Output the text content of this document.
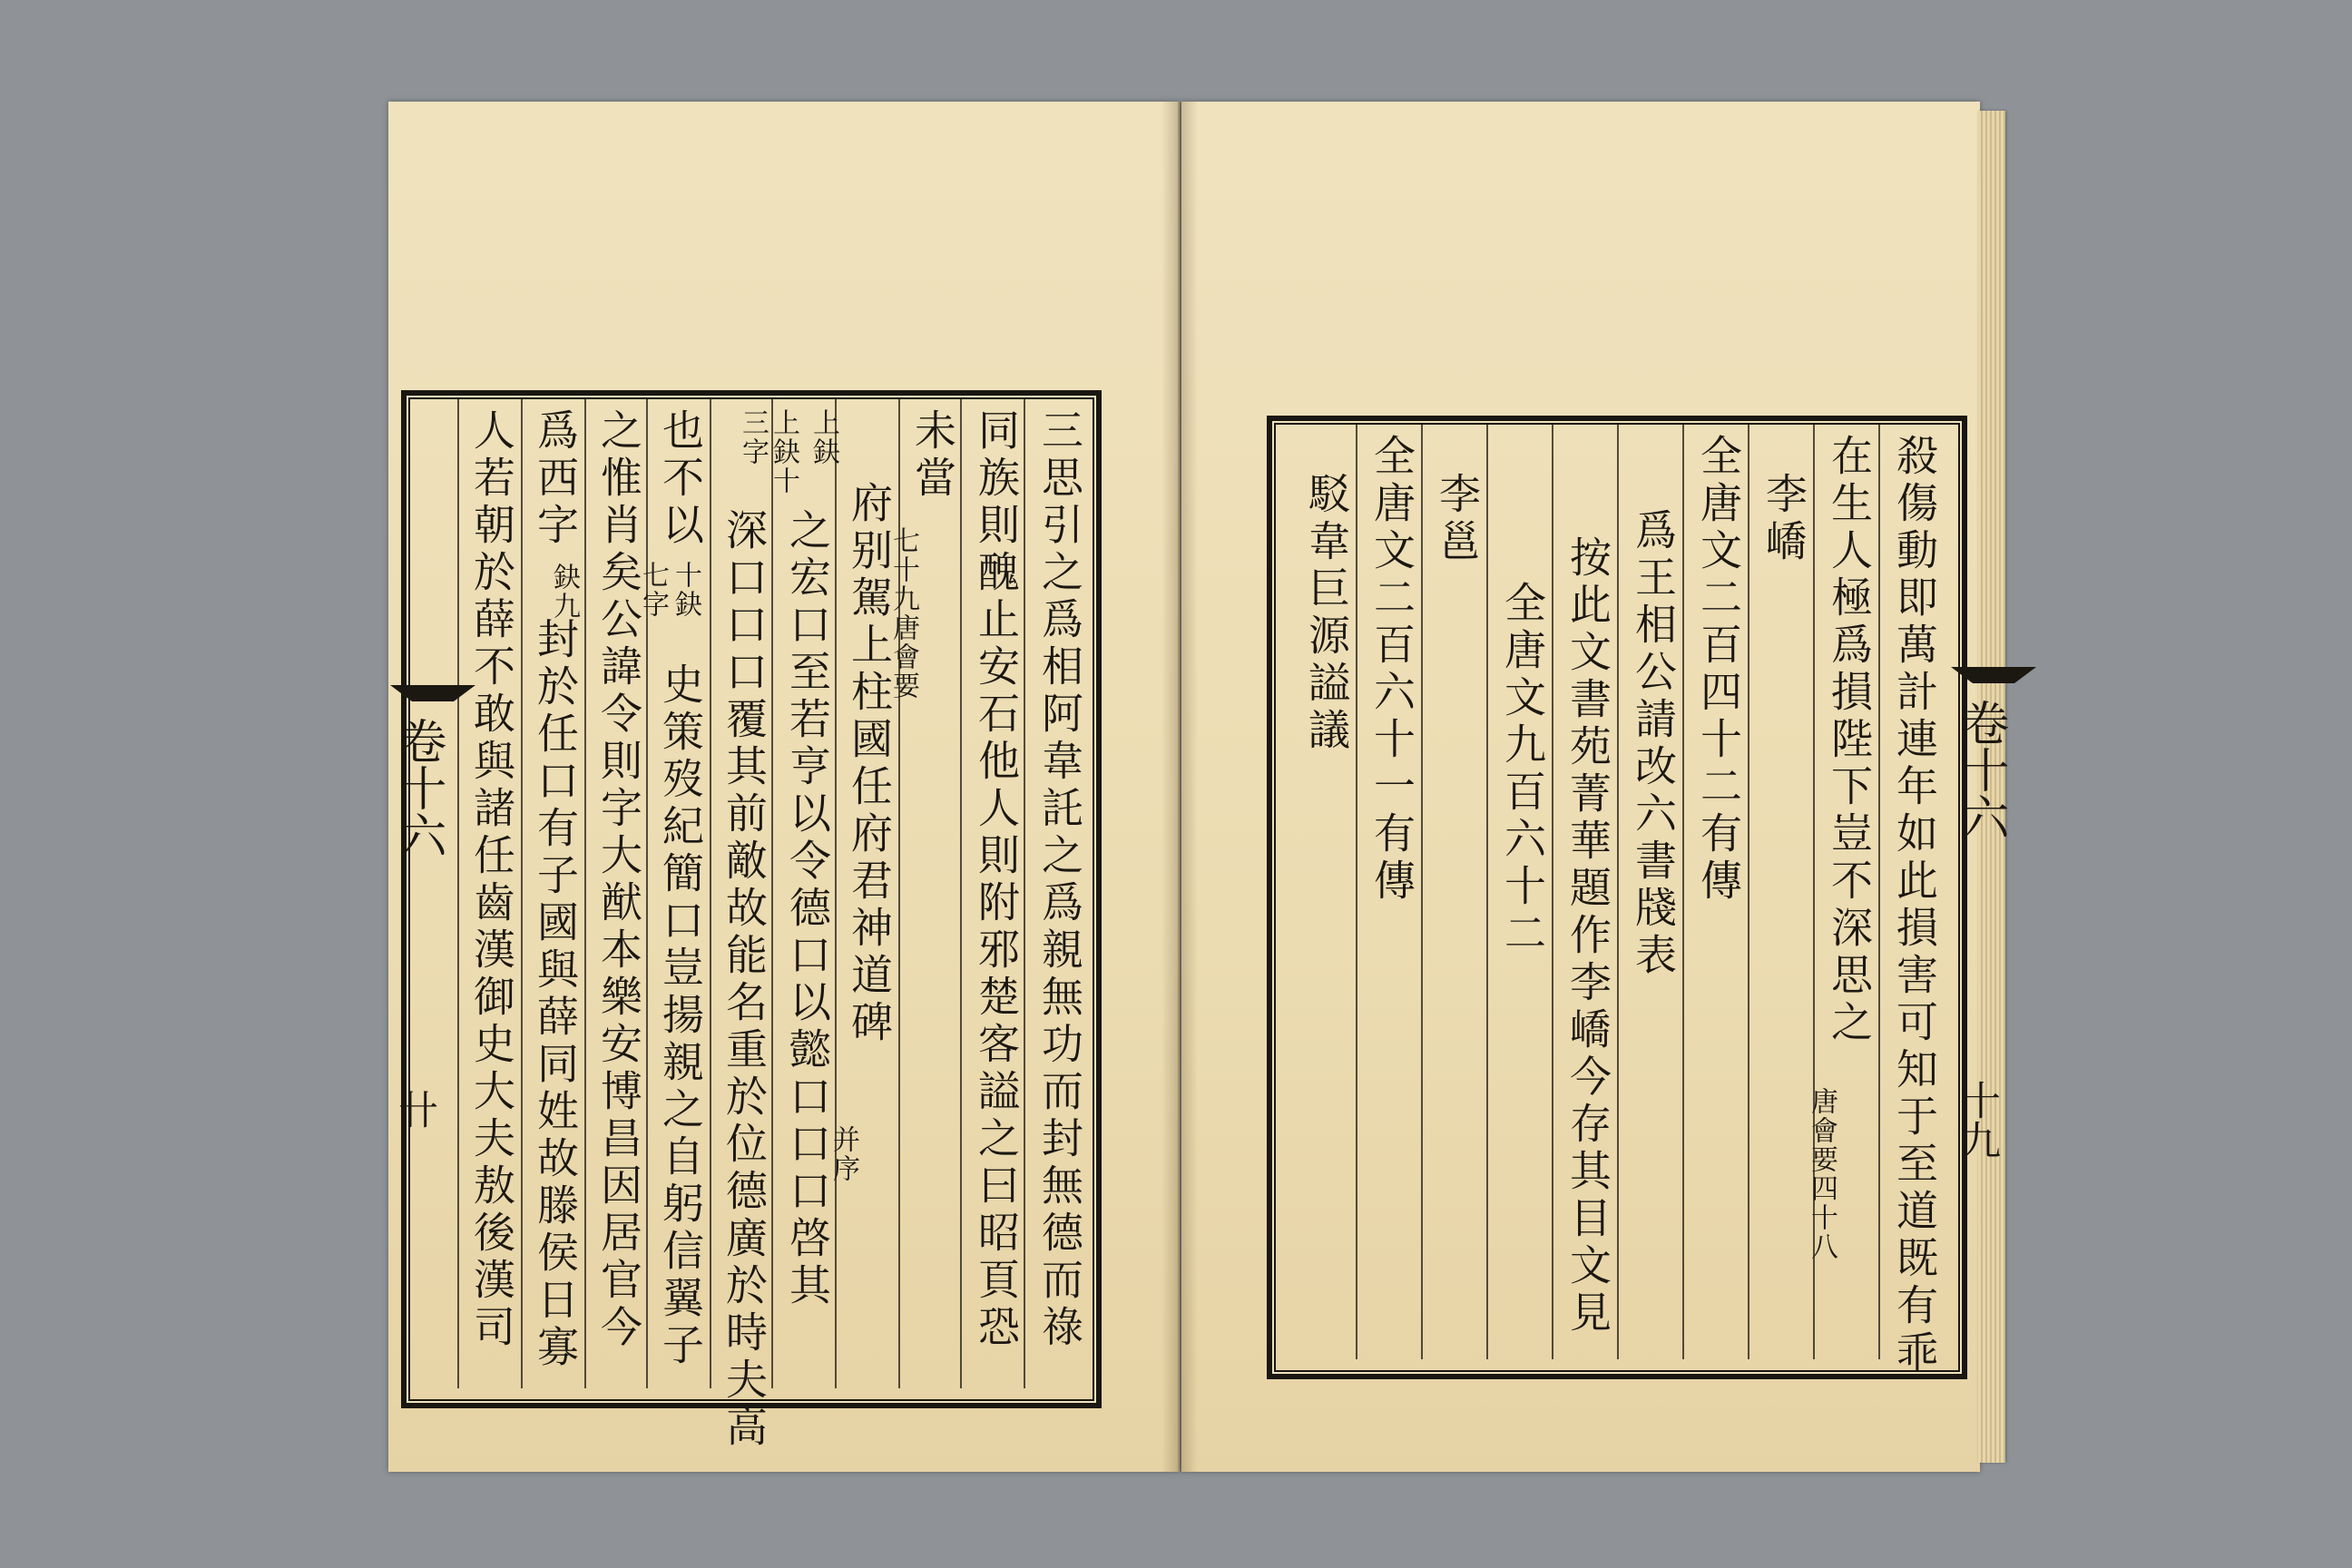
三思引之爲相阿韋託之爲親無功而封無德而祿
同族則醜止安石他人則附邪楚客謚之曰昭頁恐
未當
七十九唐會要
上鈌
府别駕上柱國任府君神道碑
并序
上鈌十
三字
之宏口至若亨以令德口以懿口口口啓其
深口口口覆其前敵故能名重於位德廣於時夫高
也不以
十鈌
七字
史策歿紀簡口豈揚親之自躬信翼子
之惟肖矣公諱令則字大猷本樂安博昌因居官今
爲西字
鈌九
封於任口有子國與薛同姓故滕侯日寡
人若朝於薛不敢與諸任齒漢御史大夫敖後漢司
卷十六
卄	殺傷動即萬計連年如此損害可知于至道既有乖
在生人極爲損陛下豈不深思之
唐會要四十八
李嶠
全唐文二百四十二有傳
爲王相公請改六書牋表
按此文書苑菁華題作李嶠今存其目文見
全唐文九百六十二
李邕
全唐文二百六十一有傳
駁韋巨源謚議
卷十六
十九
